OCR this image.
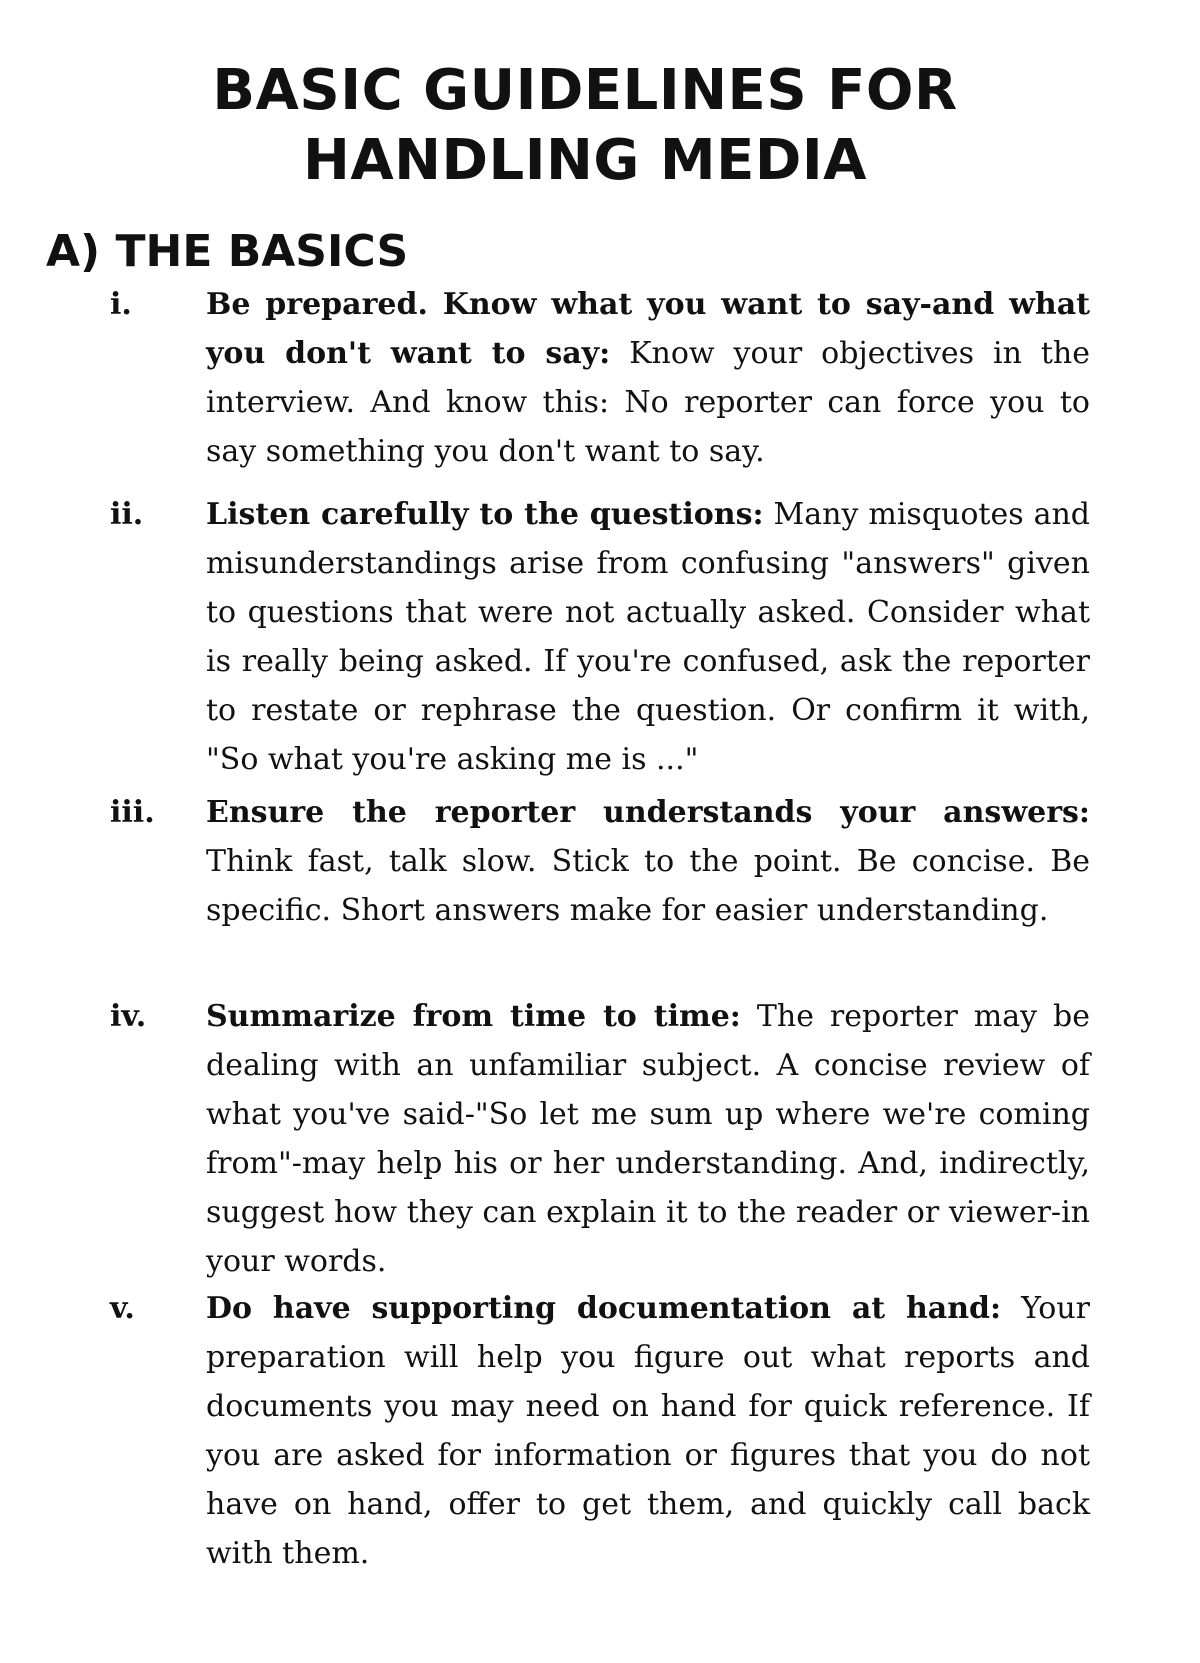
BASIC GUIDELINES FOR
HANDLING MEDIA
A) THE BASICS
i. Be prepared. Know what you want to say-and what you don't want to say: Know your objectives in the interview. And know this: No reporter can force you to say something you don't want to say.

ii. Listen carefully to the questions: Many misquotes and misunderstandings arise from confusing "answers" given to questions that were not actually asked. Consider what is really being asked. If you're confused, ask the reporter to restate or rephrase the question. Or confirm it with, "So what you're asking me is ..."

iii. Ensure the reporter understands your answers: Think fast, talk slow. Stick to the point. Be concise. Be specific. Short answers make for easier understanding.

iv. Summarize from time to time: The reporter may be dealing with an unfamiliar subject. A concise review of what you've said-"So let me sum up where we're coming from"-may help his or her understanding. And, indirectly, suggest how they can explain it to the reader or viewer-in your words.

v. Do have supporting documentation at hand: Your preparation will help you figure out what reports and documents you may need on hand for quick reference. If you are asked for information or figures that you do not have on hand, offer to get them, and quickly call back with them.
